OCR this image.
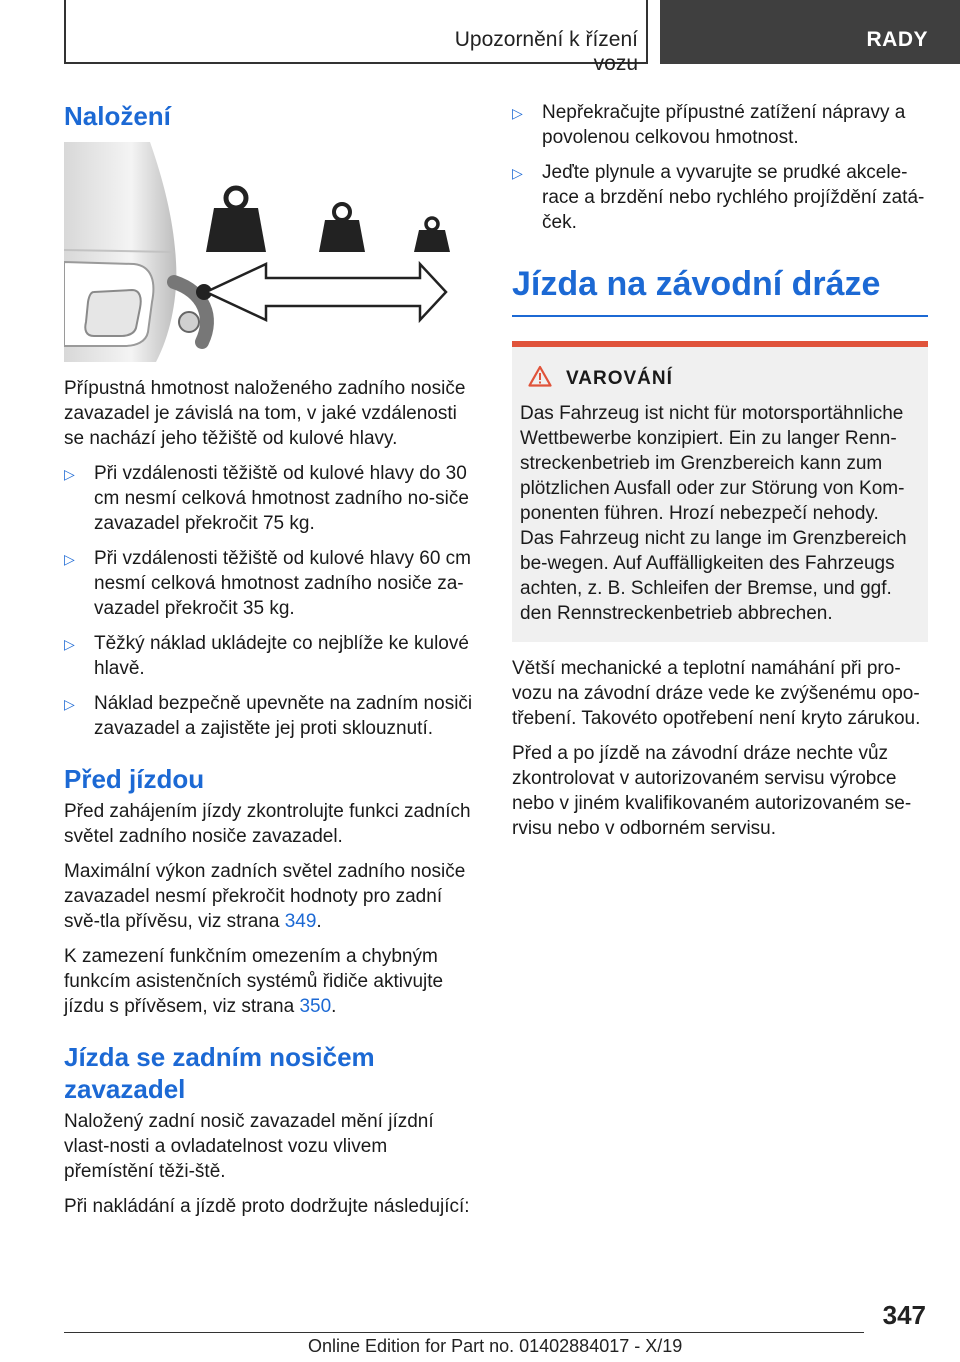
Upozornění k řízení vozu
RADY
Naložení

Přípustná hmotnost naloženého zadního nosiče zavazadel je závislá na tom, v jaké vzdálenosti se nachází jeho těžiště od kulové hlavy.

▷ Při vzdálenosti těžiště od kulové hlavy do 30 cm nesmí celková hmotnost zadního no‐siče zavazadel překročit 75 kg.
▷ Při vzdálenosti těžiště od kulové hlavy 60 cm nesmí celková hmotnost zadního nosiče za‐vazadel překročit 35 kg.
▷ Těžký náklad ukládejte co nejblíže ke kulové hlavě.
▷ Náklad bezpečně upevněte na zadním nosiči zavazadel a zajistěte jej proti sklouznutí.
Před jízdou

Před zahájením jízdy zkontrolujte funkci zadních světel zadního nosiče zavazadel.

Maximální výkon zadních světel zadního nosiče zavazadel nesmí překročit hodnoty pro zadní svě‐tla přívěsu, viz strana 349.

K zamezení funkčním omezením a chybným funkcím asistenčních systémů řidiče aktivujte jízdu s přívěsem, viz strana 350.

Jízda se zadním nosičem zavazadel

Naložený zadní nosič zavazadel mění jízdní vlast‐nosti a ovladatelnost vozu vlivem přemístění těži‐ště.

Při nakládání a jízdě proto dodržujte následující:

▷ Nepřekračujte přípustné zatížení nápravy a povolenou celkovou hmotnost.
▷ Jeďte plynule a vyvarujte se prudké akcele‐race a brzdění nebo rychlého projíždění zatá‐ček.
Jízda na závodní dráze
VAROVÁNÍ

Das Fahrzeug ist nicht für motorsportähnliche Wettbewerbe konzipiert. Ein zu langer Renn‐streckenbetrieb im Grenzbereich kann zum plötzlichen Ausfall oder zur Störung von Kom‐ponenten führen. Hrozí nebezpečí nehody. Das Fahrzeug nicht zu lange im Grenzbereich be‐wegen. Auf Auffälligkeiten des Fahrzeugs achten, z. B. Schleifen der Bremse, und ggf. den Rennstreckenbetrieb abbrechen.

Větší mechanické a teplotní namáhání při pro‐vozu na závodní dráze vede ke zvýšenému opo‐třebení. Takovéto opotřebení není kryto zárukou.

Před a po jízdě na závodní dráze nechte vůz zkontrolovat v autorizovaném servisu výrobce nebo v jiném kvalifikovaném autorizovaném se‐rvisu nebo v odborném servisu.

347
Online Edition for Part no. 01402884017 - X/19
